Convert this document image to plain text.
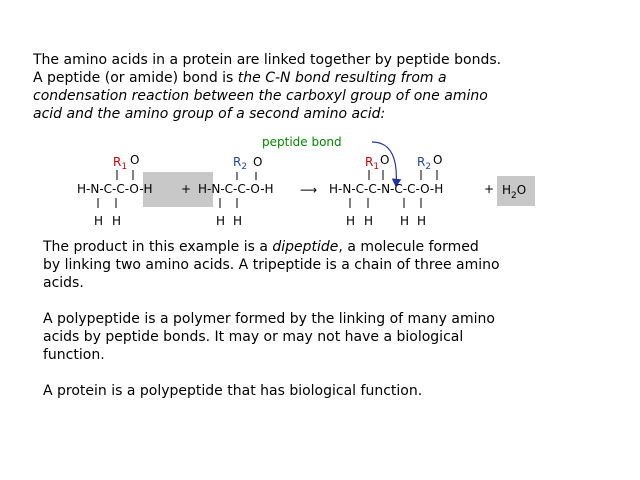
The amino acids in a protein are linked together by peptide bonds.
A peptide (or amide) bond is the C-N bond resulting from a
condensation reaction between the carboxyl group of one amino
acid and the amino group of a second amino acid:
peptide bond
$R_1$ O
H-N-C-C-O-H
H H
+
$R_2$ O
H-N-C-C-O-H
H H
⟶
$R_1$ O $R_2$ O
H-N-C-C-N-C-C-O-H
H H H H
+ $H_2O$
The product in this example is a dipeptide, a molecule formed
by linking two amino acids. A tripeptide is a chain of three amino
acids.
A polypeptide is a polymer formed by the linking of many amino
acids by peptide bonds. It may or may not have a biological
function.
A protein is a polypeptide that has biological function.
